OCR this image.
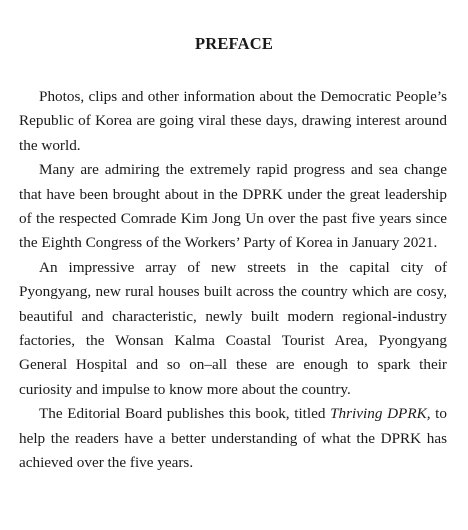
PREFACE

Photos, clips and other information about the Democratic People’s Republic of Korea are going viral these days, drawing interest around the world.

Many are admiring the extremely rapid progress and sea change that have been brought about in the DPRK under the great leadership of the respected Comrade Kim Jong Un over the past five years since the Eighth Congress of the Workers’ Party of Korea in January 2021.

An impressive array of new streets in the capital city of Pyongyang, new rural houses built across the country which are cosy, beautiful and characteristic, newly built modern regional-industry factories, the Wonsan Kalma Coastal Tourist Area, Pyongyang General Hospital and so on–all these are enough to spark their curiosity and impulse to know more about the country.

The Editorial Board publishes this book, titled Thriving DPRK, to help the readers have a better understanding of what the DPRK has achieved over the five years.
